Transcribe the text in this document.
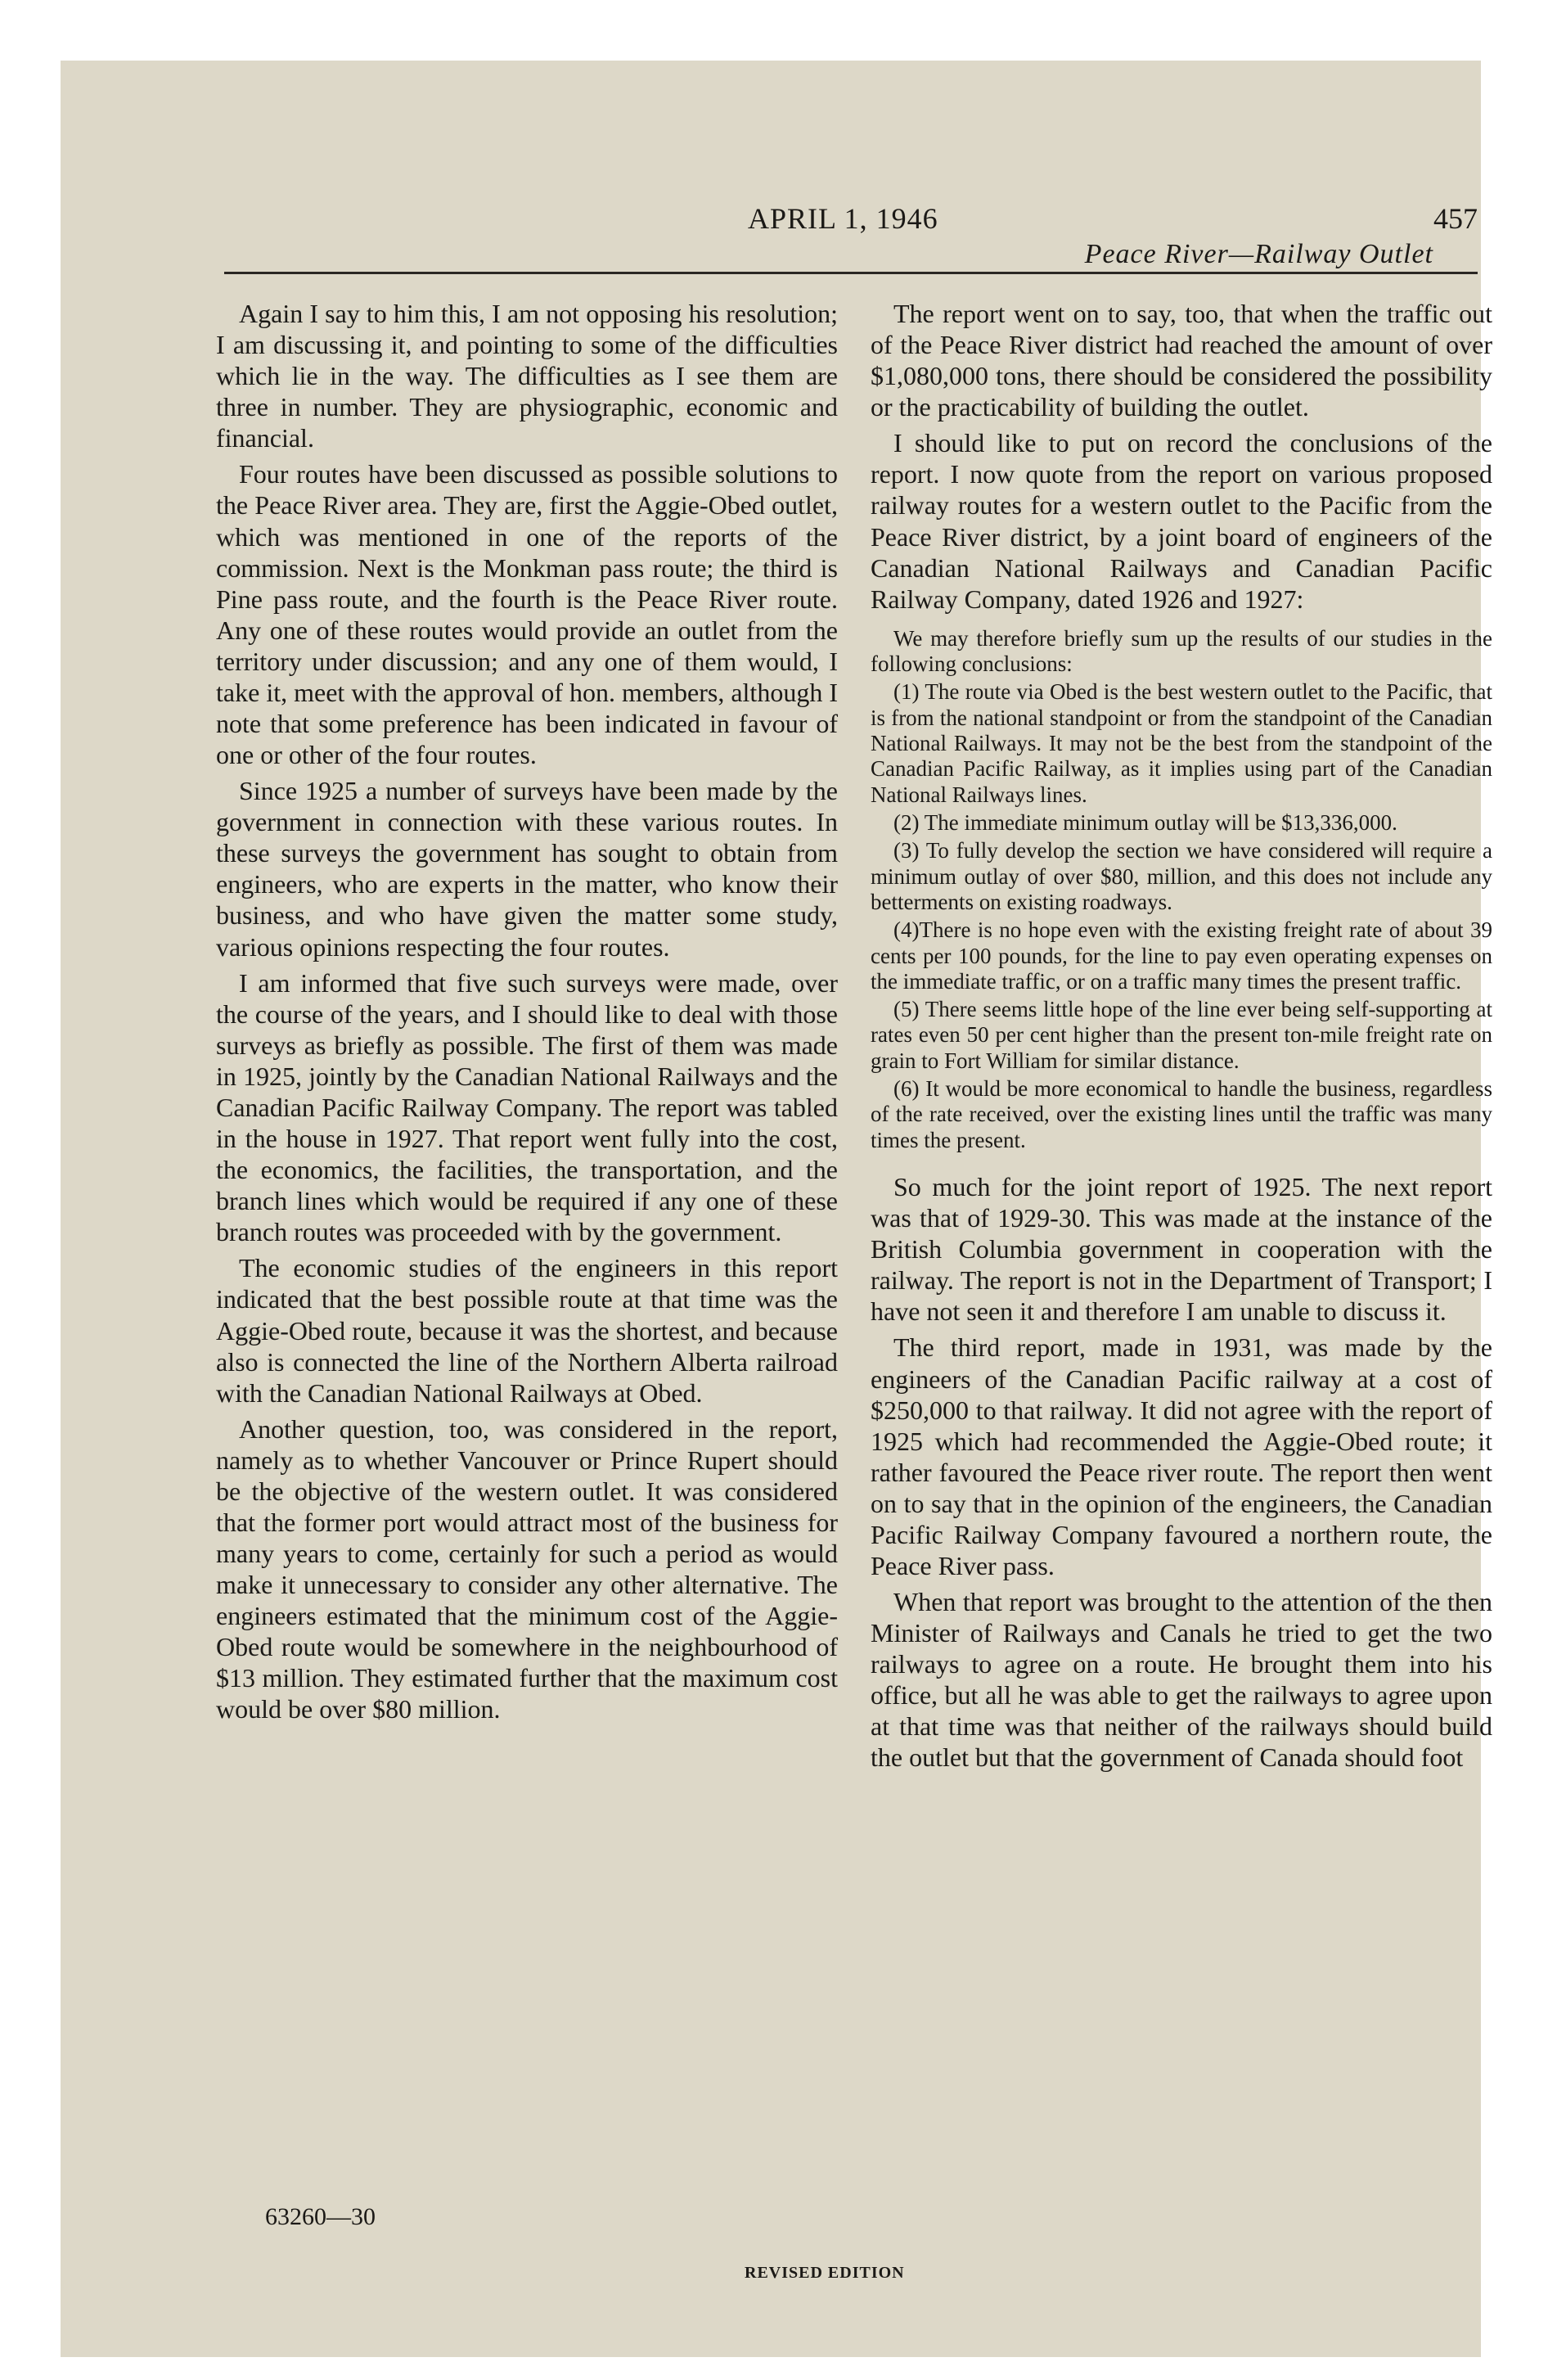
APRIL 1, 1946	457
Peace River—Railway Outlet

Again I say to him this, I am not opposing his resolution; I am discussing it, and pointing to some of the difficulties which lie in the way. The difficulties as I see them are three in number. They are physiographic, economic and financial.

Four routes have been discussed as possible solutions to the Peace River area. They are, first the Aggie-Obed outlet, which was mentioned in one of the reports of the commission. Next is the Monkman pass route; the third is Pine pass route, and the fourth is the Peace River route. Any one of these routes would provide an outlet from the territory under discussion; and any one of them would, I take it, meet with the approval of hon. members, although I note that some preference has been indicated in favour of one or other of the four routes.

Since 1925 a number of surveys have been made by the government in connection with these various routes. In these surveys the government has sought to obtain from engineers, who are experts in the matter, who know their business, and who have given the matter some study, various opinions respecting the four routes.

I am informed that five such surveys were made, over the course of the years, and I should like to deal with those surveys as briefly as possible. The first of them was made in 1925, jointly by the Canadian National Railways and the Canadian Pacific Railway Company. The report was tabled in the house in 1927. That report went fully into the cost, the economics, the facilities, the transportation, and the branch lines which would be required if any one of these branch routes was proceeded with by the government.

The economic studies of the engineers in this report indicated that the best possible route at that time was the Aggie-Obed route, because it was the shortest, and because also is connected the line of the Northern Alberta railroad with the Canadian National Railways at Obed.

Another question, too, was considered in the report, namely as to whether Vancouver or Prince Rupert should be the objective of the western outlet. It was considered that the former port would attract most of the business for many years to come, certainly for such a period as would make it unnecessary to consider any other alternative. The engineers estimated that the minimum cost of the Aggie-Obed route would be somewhere in the neighbourhood of $13 million. They estimated further that the maximum cost would be over $80 million.

The report went on to say, too, that when the traffic out of the Peace River district had reached the amount of over $1,080,000 tons, there should be considered the possibility or the practicability of building the outlet.

I should like to put on record the conclusions of the report. I now quote from the report on various proposed railway routes for a western outlet to the Pacific from the Peace River district, by a joint board of engineers of the Canadian National Railways and Canadian Pacific Railway Company, dated 1926 and 1927:

We may therefore briefly sum up the results of our studies in the following conclusions:

(1) The route via Obed is the best western outlet to the Pacific, that is from the national standpoint or from the standpoint of the Canadian National Railways. It may not be the best from the standpoint of the Canadian Pacific Railway, as it implies using part of the Canadian National Railways lines.

(2) The immediate minimum outlay will be $13,336,000.

(3) To fully develop the section we have considered will require a minimum outlay of over $80, million, and this does not include any betterments on existing roadways.

(4)There is no hope even with the existing freight rate of about 39 cents per 100 pounds, for the line to pay even operating expenses on the immediate traffic, or on a traffic many times the present traffic.

(5) There seems little hope of the line ever being self-supporting at rates even 50 per cent higher than the present ton-mile freight rate on grain to Fort William for similar distance.

(6) It would be more economical to handle the business, regardless of the rate received, over the existing lines until the traffic was many times the present.

So much for the joint report of 1925. The next report was that of 1929-30. This was made at the instance of the British Columbia government in cooperation with the railway. The report is not in the Department of Transport; I have not seen it and therefore I am unable to discuss it.

The third report, made in 1931, was made by the engineers of the Canadian Pacific railway at a cost of $250,000 to that railway. It did not agree with the report of 1925 which had recommended the Aggie-Obed route; it rather favoured the Peace river route. The report then went on to say that in the opinion of the engineers, the Canadian Pacific Railway Company favoured a northern route, the Peace River pass.

When that report was brought to the attention of the then Minister of Railways and Canals he tried to get the two railways to agree on a route. He brought them into his office, but all he was able to get the railways to agree upon at that time was that neither of the railways should build the outlet but that the government of Canada should foot

63260—30
REVISED EDITION
